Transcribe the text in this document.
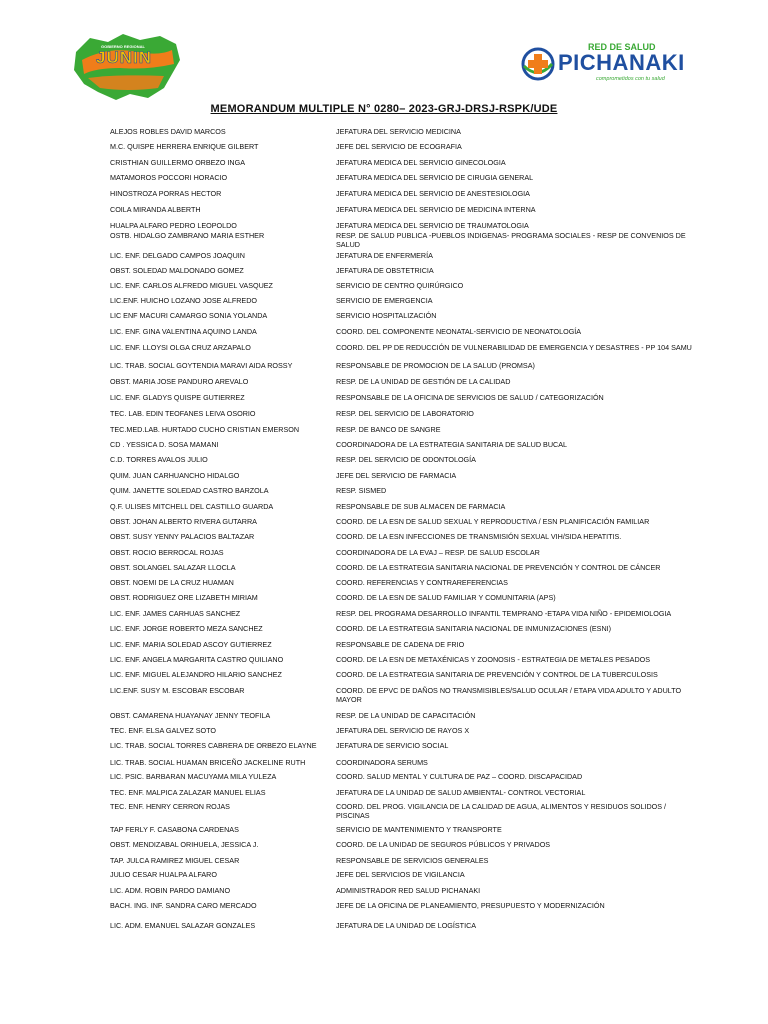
GOBIERNO REGIONAL
JUNIN
RED DE SALUD
PICHANAKI
comprometidos con tu salud
MEMORANDUM MULTIPLE N° 0280– 2023-GRJ-DRSJ-RSPK/UDE
ALEJOS ROBLES DAVID MARCOS	JEFATURA DEL SERVICIO MEDICINA
M.C. QUISPE HERRERA ENRIQUE GILBERT	JEFE DEL SERVICIO DE ECOGRAFIA
CRISTHIAN GUILLERMO ORBEZO INGA	JEFATURA MEDICA DEL SERVICIO GINECOLOGIA
MATAMOROS POCCORI HORACIO	JEFATURA MEDICA DEL SERVICIO DE CIRUGIA GENERAL
HINOSTROZA PORRAS HECTOR	JEFATURA MEDICA DEL SERVICIO DE ANESTESIOLOGIA
COILA MIRANDA ALBERTH	JEFATURA MEDICA DEL SERVICIO DE MEDICINA INTERNA
HUALPA ALFARO PEDRO LEOPOLDO	JEFATURA MEDICA DEL SERVICIO DE TRAUMATOLOGIA
OSTB. HIDALGO ZAMBRANO MARIA ESTHER	RESP. DE SALUD PUBLICA -PUEBLOS INDIGENAS- PROGRAMA SOCIALES - RESP DE CONVENIOS DE SALUD
LIC. ENF. DELGADO CAMPOS JOAQUIN	JEFATURA DE ENFERMERÍA
OBST. SOLEDAD MALDONADO GOMEZ	JEFATURA DE OBSTETRICIA
LIC. ENF. CARLOS ALFREDO MIGUEL VASQUEZ	SERVICIO DE CENTRO QUIRÚRGICO
LIC.ENF. HUICHO LOZANO JOSE ALFREDO	SERVICIO DE EMERGENCIA
LIC ENF MACURI CAMARGO SONIA YOLANDA	SERVICIO HOSPITALIZACIÓN
LIC. ENF. GINA VALENTINA AQUINO LANDA	COORD. DEL COMPONENTE NEONATAL-SERVICIO DE NEONATOLOGÍA
LIC. ENF. LLOYSI OLGA CRUZ ARZAPALO	COORD. DEL PP DE REDUCCIÓN DE VULNERABILIDAD DE EMERGENCIA Y DESASTRES - PP 104 SAMU
LIC. TRAB. SOCIAL GOYTENDIA MARAVI AIDA ROSSY	RESPONSABLE DE PROMOCION DE LA SALUD (PROMSA)
OBST. MARIA JOSE PANDURO AREVALO	RESP. DE LA UNIDAD DE GESTIÓN DE LA CALIDAD
LIC. ENF. GLADYS QUISPE GUTIERREZ	RESPONSABLE DE LA OFICINA DE SERVICIOS DE SALUD / CATEGORIZACIÓN
TEC. LAB. EDIN TEOFANES LEIVA OSORIO	RESP. DEL SERVICIO DE LABORATORIO
TEC.MED.LAB. HURTADO CUCHO CRISTIAN EMERSON	RESP. DE BANCO DE SANGRE
CD . YESSICA D. SOSA MAMANI	COORDINADORA DE LA ESTRATEGIA SANITARIA DE SALUD BUCAL
C.D. TORRES AVALOS JULIO	RESP. DEL SERVICIO DE ODONTOLOGÍA
QUIM. JUAN CARHUANCHO HIDALGO	JEFE DEL SERVICIO DE FARMACIA
QUIM. JANETTE SOLEDAD CASTRO BARZOLA	RESP. SISMED
Q.F. ULISES MITCHELL DEL CASTILLO GUARDA	RESPONSABLE DE SUB ALMACEN DE FARMACIA
OBST. JOHAN ALBERTO RIVERA GUTARRA	COORD. DE LA ESN DE SALUD SEXUAL Y REPRODUCTIVA / ESN PLANIFICACIÓN FAMILIAR
OBST. SUSY YENNY PALACIOS BALTAZAR	COORD. DE LA ESN INFECCIONES DE TRANSMISIÓN SEXUAL VIH/SIDA HEPATITIS.
OBST. ROCIO BERROCAL ROJAS	COORDINADORA DE LA EVAJ – RESP. DE SALUD ESCOLAR
OBST. SOLANGEL SALAZAR LLOCLA	COORD. DE LA ESTRATEGIA SANITARIA NACIONAL DE PREVENCIÓN Y CONTROL DE CÁNCER
OBST. NOEMI DE LA CRUZ HUAMAN	COORD. REFERENCIAS Y CONTRAREFERENCIAS
OBST. RODRIGUEZ ORE LIZABETH MIRIAM	COORD. DE LA ESN DE SALUD FAMILIAR Y COMUNITARIA (APS)
LIC. ENF. JAMES CARHUAS SANCHEZ	RESP. DEL PROGRAMA DESARROLLO INFANTIL TEMPRANO -ETAPA VIDA NIÑO - EPIDEMIOLOGIA
LIC. ENF. JORGE ROBERTO MEZA SANCHEZ	COORD. DE LA ESTRATEGIA SANITARIA NACIONAL DE INMUNIZACIONES (ESNI)
LIC. ENF. MARIA SOLEDAD ASCOY GUTIERREZ	RESPONSABLE DE CADENA DE FRIO
LIC. ENF. ANGELA MARGARITA CASTRO QUILIANO	COORD. DE LA ESN DE METAXÉNICAS Y ZOONOSIS - ESTRATEGIA DE METALES PESADOS
LIC. ENF. MIGUEL ALEJANDRO HILARIO SANCHEZ	COORD. DE LA ESTRATEGIA SANITARIA DE PREVENCIÓN Y CONTROL DE LA TUBERCULOSIS
LIC.ENF. SUSY M. ESCOBAR ESCOBAR	COORD. DE EPVC DE DAÑOS NO TRANSMISIBLES/SALUD OCULAR / ETAPA VIDA ADULTO Y ADULTO MAYOR
OBST. CAMARENA HUAYANAY JENNY TEOFILA	RESP. DE LA UNIDAD DE CAPACITACIÓN
TEC. ENF. ELSA GALVEZ SOTO	JEFATURA DEL SERVICIO DE RAYOS X
LIC. TRAB. SOCIAL TORRES CABRERA DE ORBEZO ELAYNE	JEFATURA DE SERVICIO SOCIAL
LIC. TRAB. SOCIAL HUAMAN BRICEÑO JACKELINE RUTH	COORDINADORA SERUMS
LIC. PSIC. BARBARAN MACUYAMA MILA YULEZA	COORD. SALUD MENTAL Y CULTURA DE PAZ – COORD. DISCAPACIDAD
TEC. ENF. MALPICA ZALAZAR MANUEL ELIAS	JEFATURA DE LA UNIDAD DE SALUD AMBIENTAL- CONTROL VECTORIAL
TEC. ENF. HENRY CERRON ROJAS	COORD. DEL PROG. VIGILANCIA DE LA CALIDAD DE AGUA, ALIMENTOS Y RESIDUOS SOLIDOS / PISCINAS
TAP FERLY F. CASABONA CARDENAS	SERVICIO DE MANTENIMIENTO Y TRANSPORTE
OBST. MENDIZABAL ORIHUELA, JESSICA J.	COORD. DE LA UNIDAD DE SEGUROS PÚBLICOS Y PRIVADOS
TAP. JULCA RAMIREZ MIGUEL CESAR	RESPONSABLE DE SERVICIOS GENERALES
JULIO CESAR HUALPA ALFARO	JEFE DEL SERVICIOS DE VIGILANCIA
LIC. ADM. ROBIN PARDO DAMIANO	ADMINISTRADOR RED SALUD PICHANAKI
BACH. ING. INF. SANDRA CARO MERCADO	JEFE DE LA OFICINA DE PLANEAMIENTO, PRESUPUESTO Y MODERNIZACIÓN
LIC. ADM. EMANUEL SALAZAR GONZALES	JEFATURA DE LA UNIDAD DE LOGÍSTICA
